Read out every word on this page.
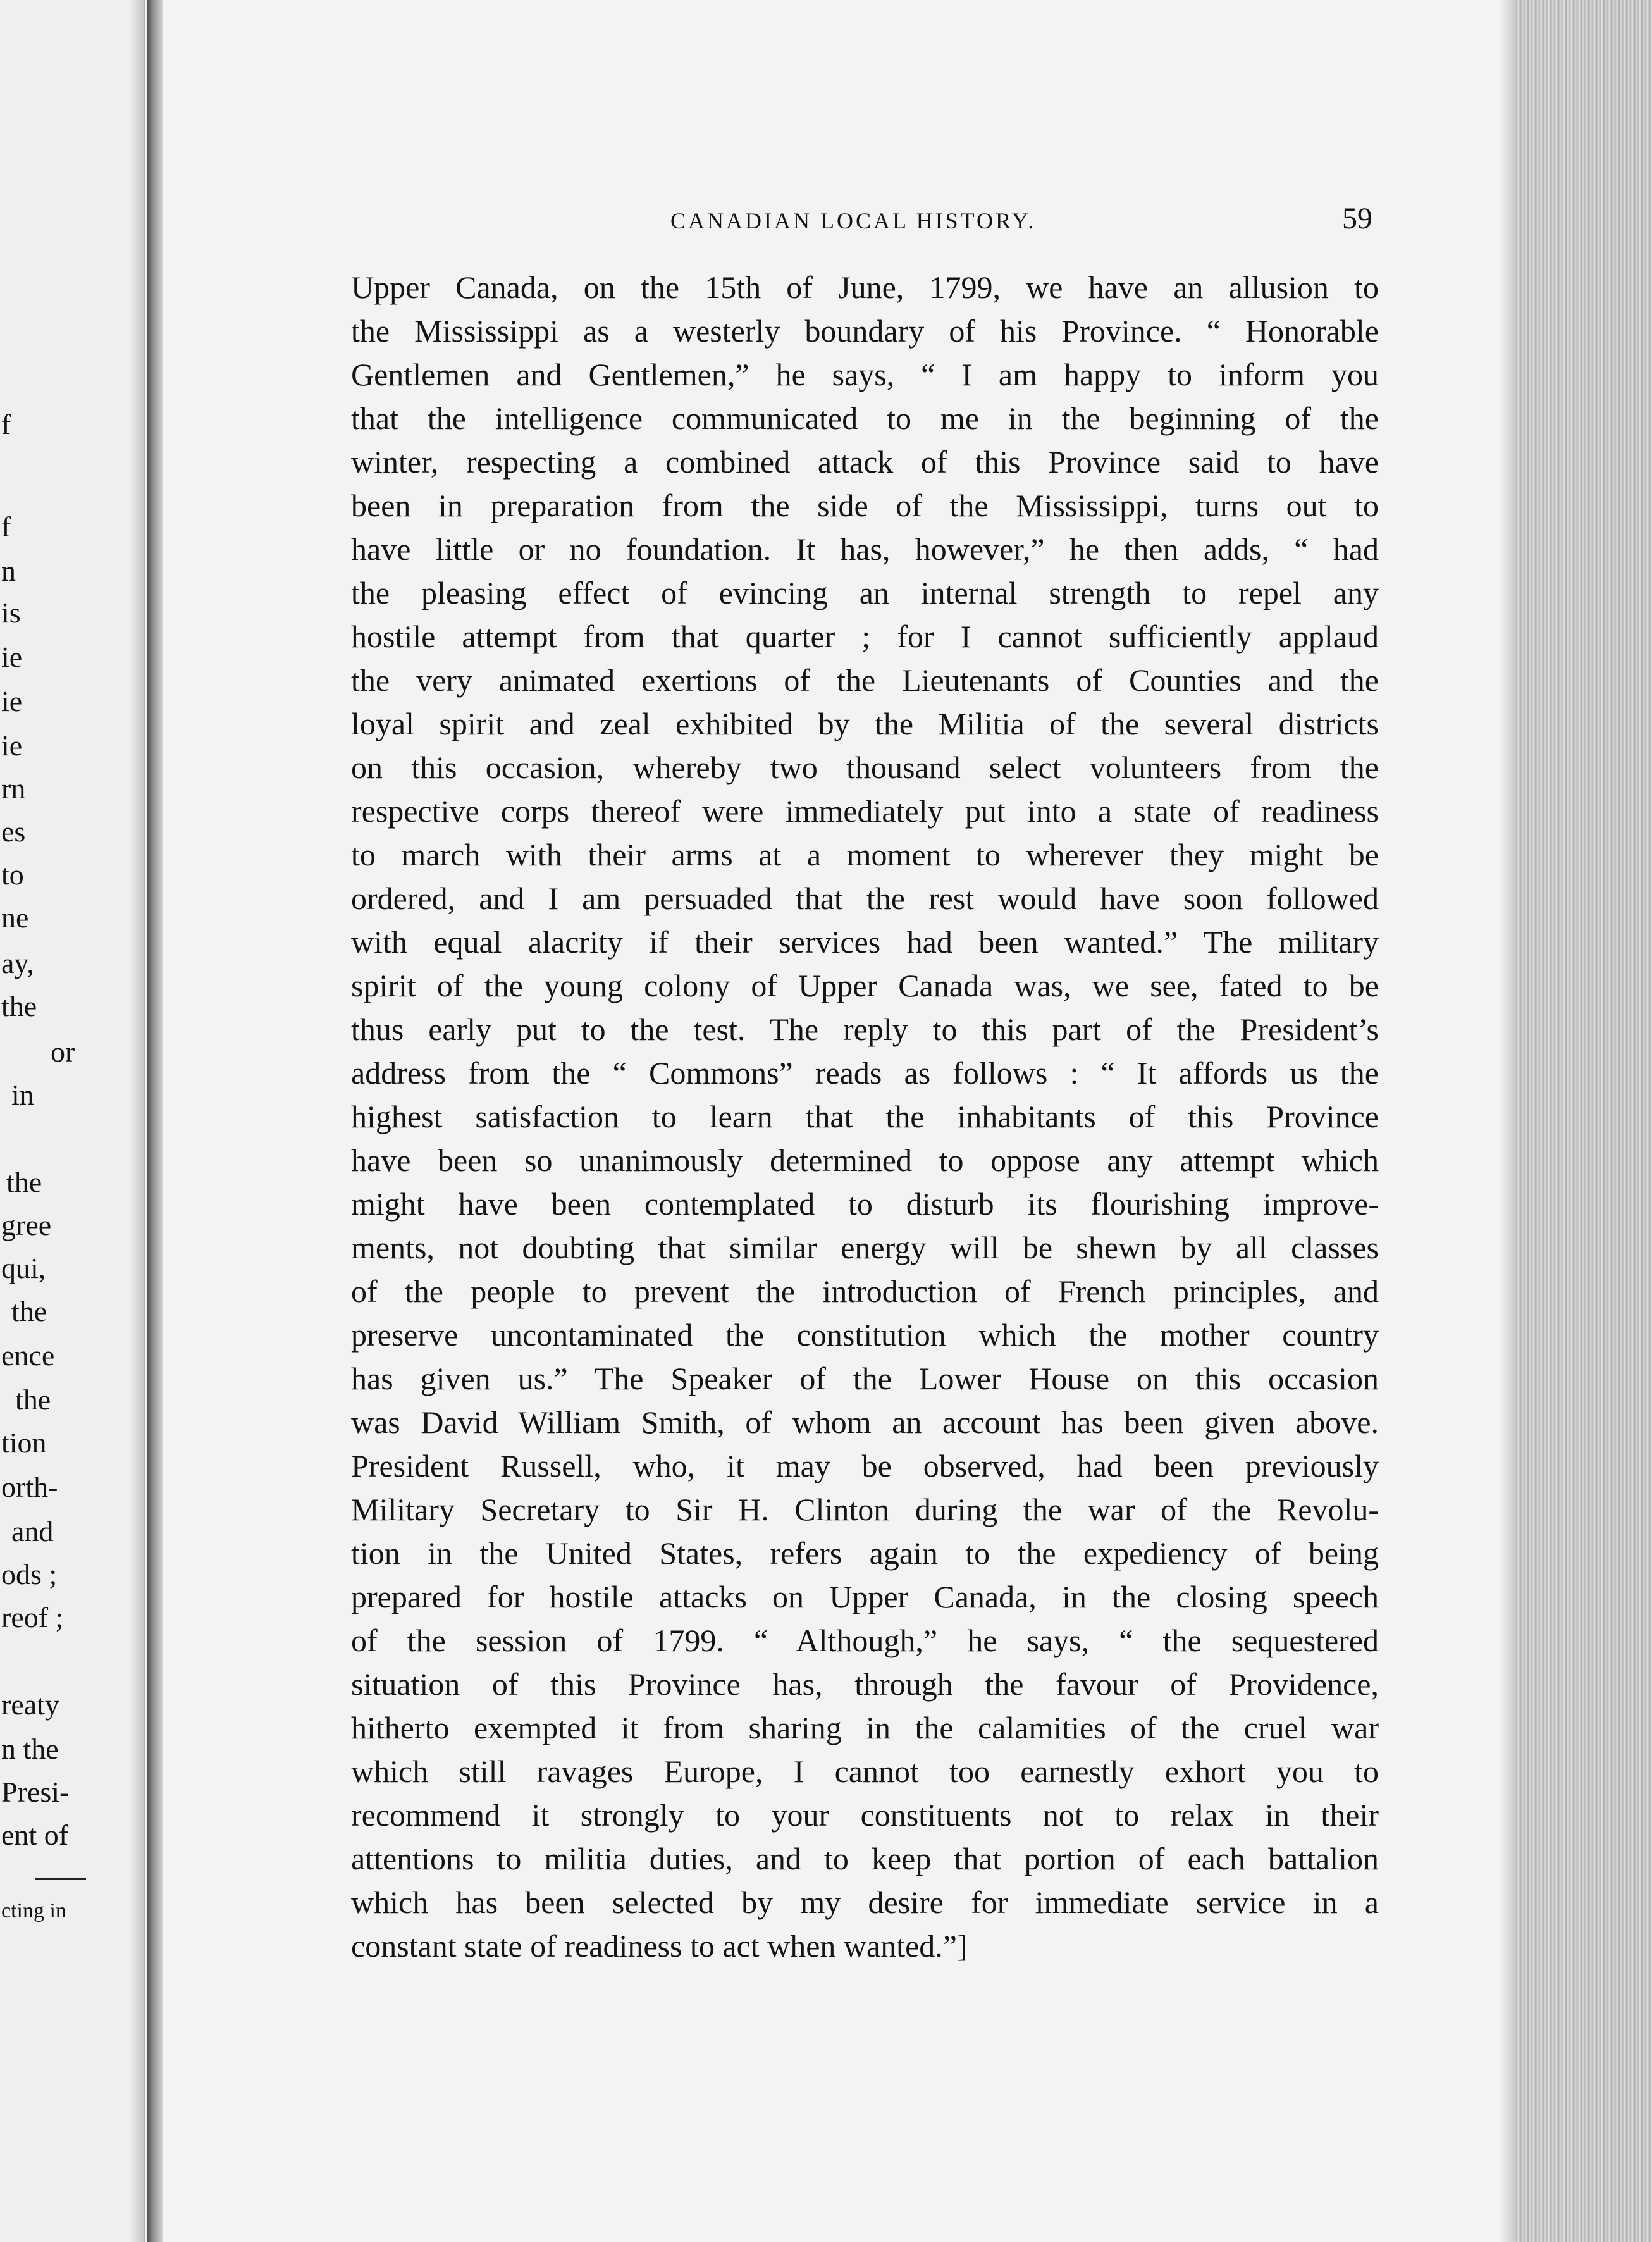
f
f
n
is
ie
ie
ie
rn
es
to
ne
ay,
the
or
in
the
gree
qui,
the
ence
the
tion
orth-
and
ods ;
reof ;
reaty
n the
Presi-
ent of
cting in
CANADIAN LOCAL HISTORY.	59
Upper Canada, on the 15th of June, 1799, we have an allusion to
the Mississippi as a westerly boundary of his Province. “ Honorable
Gentlemen and Gentlemen,” he says, “ I am happy to inform you
that the intelligence communicated to me in the beginning of the
winter, respecting a combined attack of this Province said to have
been in preparation from the side of the Mississippi, turns out to
have little or no foundation. It has, however,” he then adds, “ had
the pleasing effect of evincing an internal strength to repel any
hostile attempt from that quarter ; for I cannot sufficiently applaud
the very animated exertions of the Lieutenants of Counties and the
loyal spirit and zeal exhibited by the Militia of the several districts
on this occasion, whereby two thousand select volunteers from the
respective corps thereof were immediately put into a state of readiness
to march with their arms at a moment to wherever they might be
ordered, and I am persuaded that the rest would have soon followed
with equal alacrity if their services had been wanted.” The military
spirit of the young colony of Upper Canada was, we see, fated to be
thus early put to the test. The reply to this part of the President’s
address from the “ Commons” reads as follows : “ It affords us the
highest satisfaction to learn that the inhabitants of this Province
have been so unanimously determined to oppose any attempt which
might have been contemplated to disturb its flourishing improve-
ments, not doubting that similar energy will be shewn by all classes
of the people to prevent the introduction of French principles, and
preserve uncontaminated the constitution which the mother country
has given us.” The Speaker of the Lower House on this occasion
was David William Smith, of whom an account has been given above.
President Russell, who, it may be observed, had been previously
Military Secretary to Sir H. Clinton during the war of the Revolu-
tion in the United States, refers again to the expediency of being
prepared for hostile attacks on Upper Canada, in the closing speech
of the session of 1799. “ Although,” he says, “ the sequestered
situation of this Province has, through the favour of Providence,
hitherto exempted it from sharing in the calamities of the cruel war
which still ravages Europe, I cannot too earnestly exhort you to
recommend it strongly to your constituents not to relax in their
attentions to militia duties, and to keep that portion of each battalion
which has been selected by my desire for immediate service in a
constant state of readiness to act when wanted.”]
